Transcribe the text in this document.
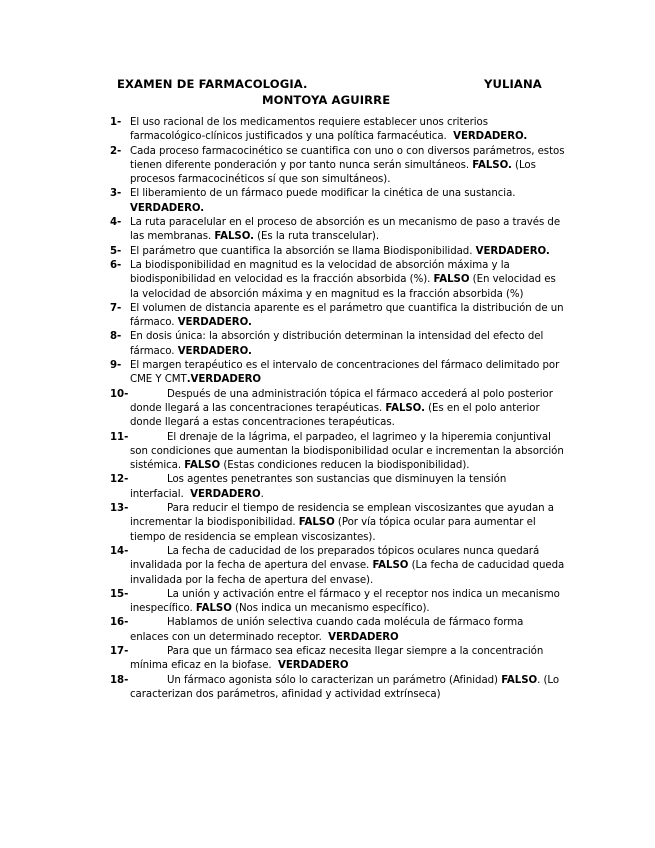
EXAMEN DE FARMACOLOGIA.	YULIANA
MONTOYA AGUIRRE
1- El uso racional de los medicamentos requiere establecer unos criterios farmacológico-clínicos justificados y una política farmacéutica. VERDADERO.
2- Cada proceso farmacocinético se cuantifica con uno o con diversos parámetros, estos tienen diferente ponderación y por tanto nunca serán simultáneos. FALSO. (Los procesos farmacocinéticos sí que son simultáneos).
3- El liberamiento de un fármaco puede modificar la cinética de una sustancia. VERDADERO.
4- La ruta paracelular en el proceso de absorción es un mecanismo de paso a través de las membranas. FALSO. (Es la ruta transcelular).
5- El parámetro que cuantifica la absorción se llama Biodisponibilidad. VERDADERO.
6- La biodisponibilidad en magnitud es la velocidad de absorción máxima y la biodisponibilidad en velocidad es la fracción absorbida (%). FALSO (En velocidad es la velocidad de absorción máxima y en magnitud es la fracción absorbida (%)
7- El volumen de distancia aparente es el parámetro que cuantifica la distribución de un fármaco. VERDADERO.
8- En dosis única: la absorción y distribución determinan la intensidad del efecto del fármaco. VERDADERO.
9- El margen terapéutico es el intervalo de concentraciones del fármaco delimitado por CME Y CMT.VERDADERO
10-	Después de una administración tópica el fármaco accederá al polo posterior donde llegará a las concentraciones terapéuticas. FALSO. (Es en el polo anterior donde llegará a estas concentraciones terapéuticas.
11-	El drenaje de la lágrima, el parpadeo, el lagrimeo y la hiperemia conjuntival son condiciones que aumentan la biodisponibilidad ocular e incrementan la absorción sistémica. FALSO (Estas condiciones reducen la biodisponibilidad).
12-	Los agentes penetrantes son sustancias que disminuyen la tensión interfacial. VERDADERO.
13-	Para reducir el tiempo de residencia se emplean viscosizantes que ayudan a incrementar la biodisponibilidad. FALSO (Por vía tópica ocular para aumentar el tiempo de residencia se emplean viscosizantes).
14-	La fecha de caducidad de los preparados tópicos oculares nunca quedará invalidada por la fecha de apertura del envase. FALSO (La fecha de caducidad queda invalidada por la fecha de apertura del envase).
15-	La unión y activación entre el fármaco y el receptor nos indica un mecanismo inespecífico. FALSO (Nos indica un mecanismo específico).
16-	Hablamos de unión selectiva cuando cada molécula de fármaco forma enlaces con un determinado receptor. VERDADERO
17-	Para que un fármaco sea eficaz necesita llegar siempre a la concentración mínima eficaz en la biofase. VERDADERO
18-	Un fármaco agonista sólo lo caracterizan un parámetro (Afinidad) FALSO. (Lo caracterizan dos parámetros, afinidad y actividad extrínseca)
